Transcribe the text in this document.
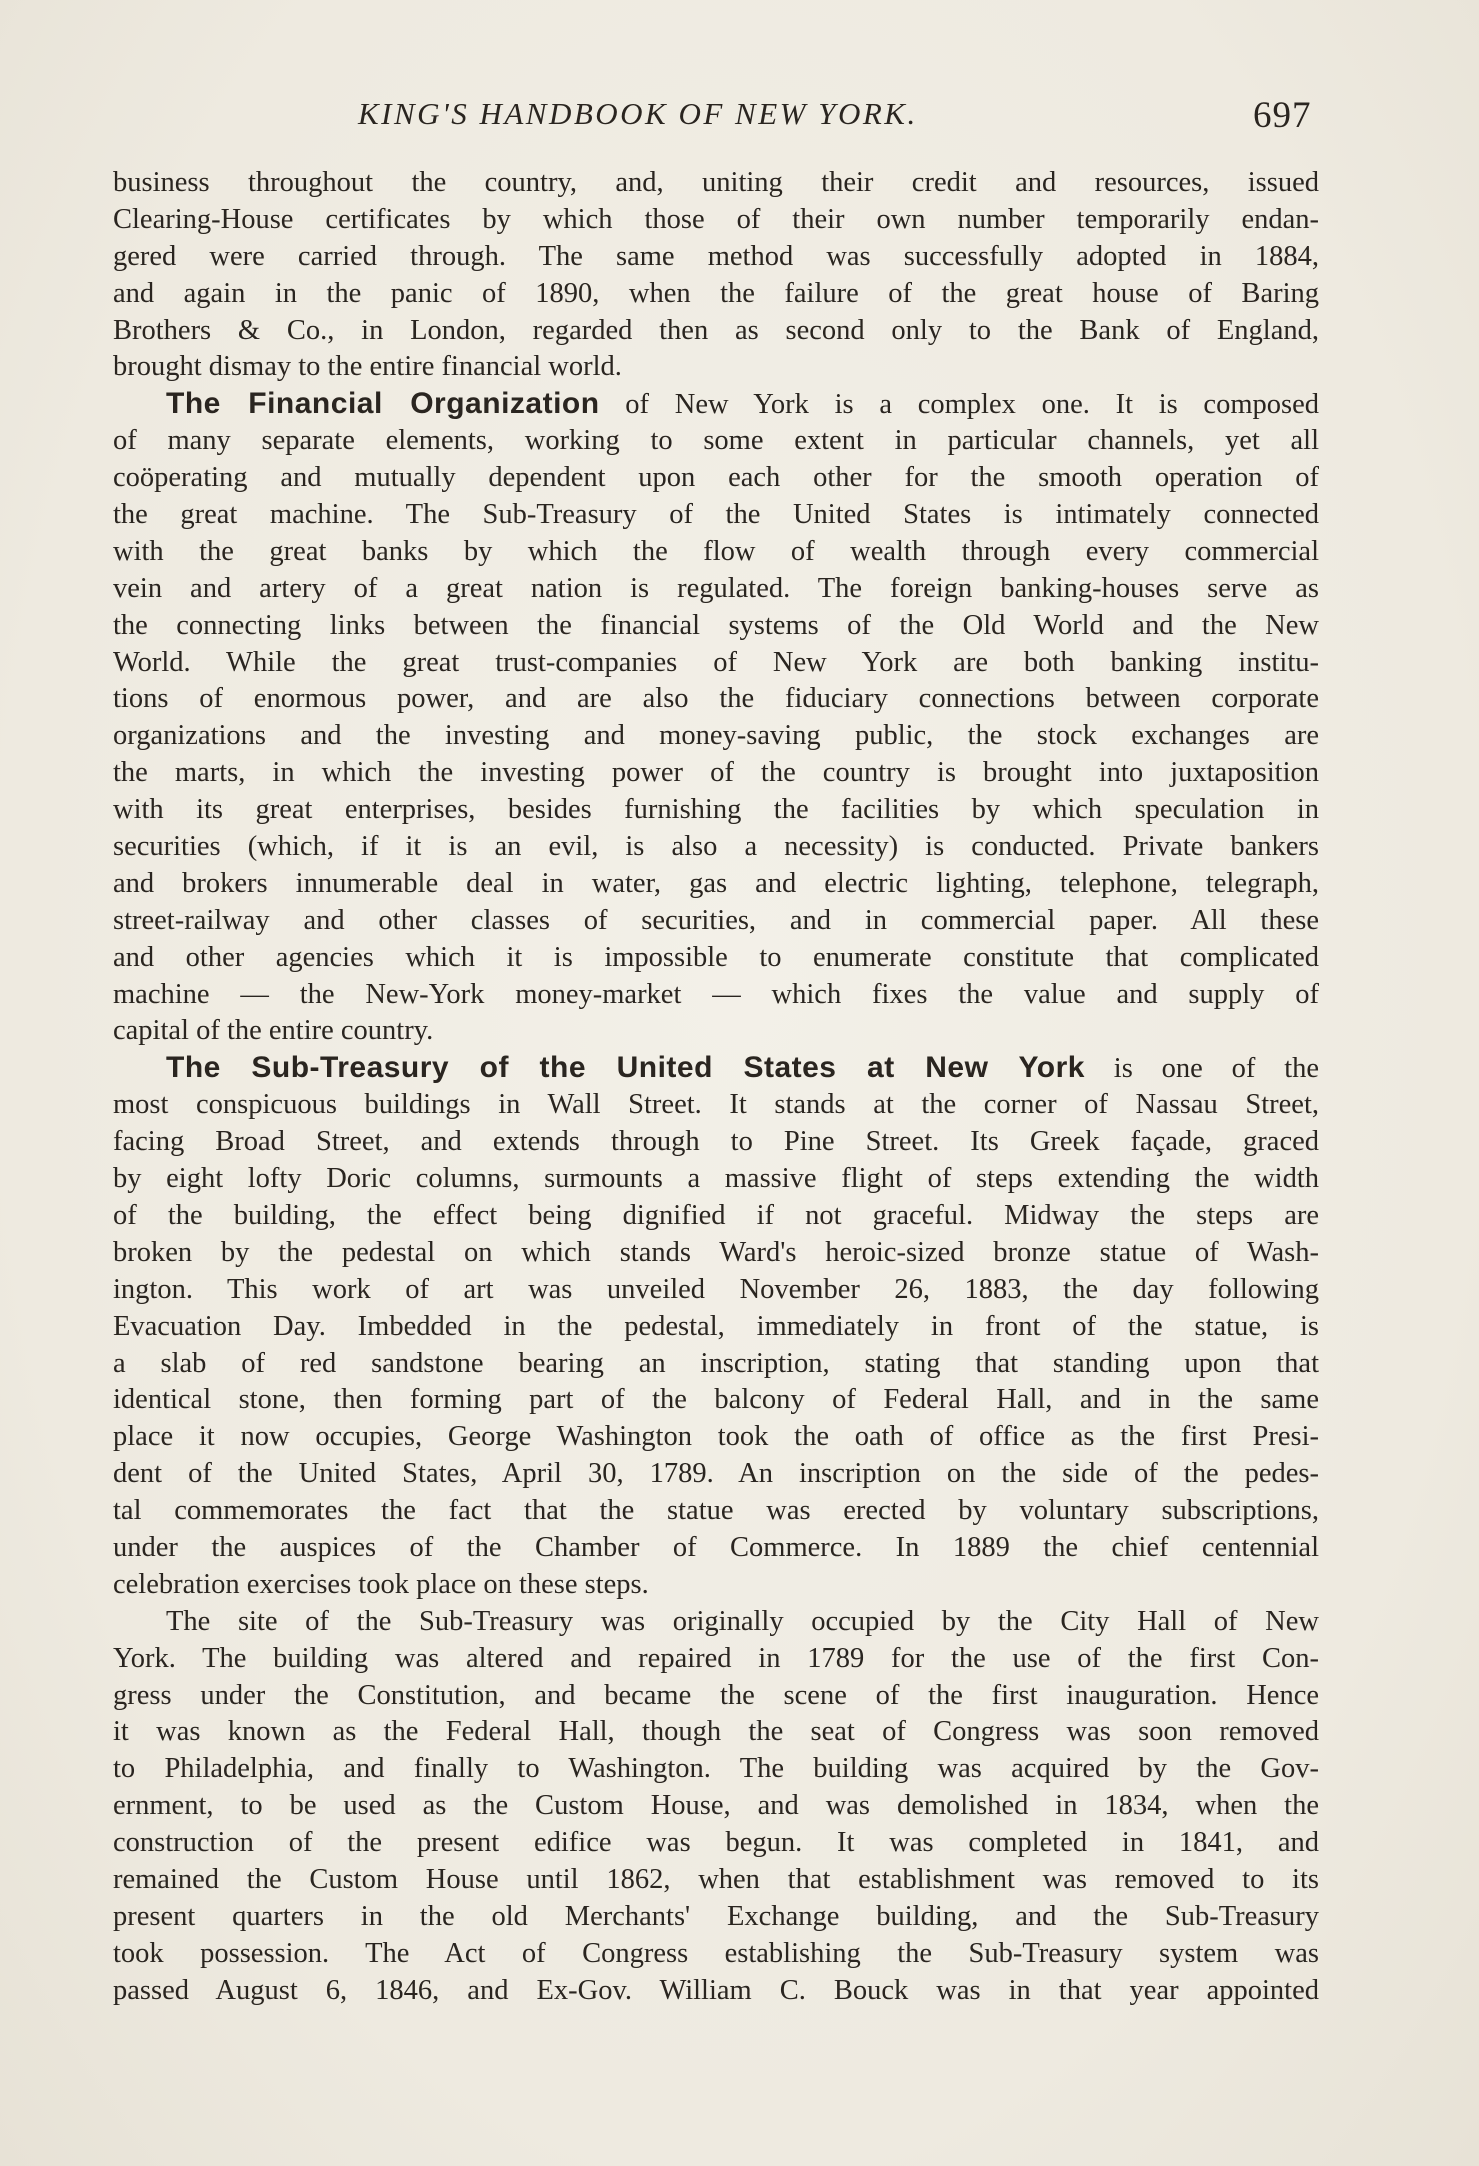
KING'S HANDBOOK OF NEW YORK.	697
business throughout the country, and, uniting their credit and resources, issued
Clearing-House certificates by which those of their own number temporarily endan-
gered were carried through. The same method was successfully adopted in 1884,
and again in the panic of 1890, when the failure of the great house of Baring
Brothers & Co., in London, regarded then as second only to the Bank of England,
brought dismay to the entire financial world.
The Financial Organization of New York is a complex one. It is composed
of many separate elements, working to some extent in particular channels, yet all
coöperating and mutually dependent upon each other for the smooth operation of
the great machine. The Sub-Treasury of the United States is intimately connected
with the great banks by which the flow of wealth through every commercial
vein and artery of a great nation is regulated. The foreign banking-houses serve as
the connecting links between the financial systems of the Old World and the New
World. While the great trust-companies of New York are both banking institu-
tions of enormous power, and are also the fiduciary connections between corporate
organizations and the investing and money-saving public, the stock exchanges are
the marts, in which the investing power of the country is brought into juxtaposition
with its great enterprises, besides furnishing the facilities by which speculation in
securities (which, if it is an evil, is also a necessity) is conducted. Private bankers
and brokers innumerable deal in water, gas and electric lighting, telephone, telegraph,
street-railway and other classes of securities, and in commercial paper. All these
and other agencies which it is impossible to enumerate constitute that complicated
machine — the New-York money-market — which fixes the value and supply of
capital of the entire country.
The Sub-Treasury of the United States at New York is one of the
most conspicuous buildings in Wall Street. It stands at the corner of Nassau Street,
facing Broad Street, and extends through to Pine Street. Its Greek façade, graced
by eight lofty Doric columns, surmounts a massive flight of steps extending the width
of the building, the effect being dignified if not graceful. Midway the steps are
broken by the pedestal on which stands Ward's heroic-sized bronze statue of Wash-
ington. This work of art was unveiled November 26, 1883, the day following
Evacuation Day. Imbedded in the pedestal, immediately in front of the statue, is
a slab of red sandstone bearing an inscription, stating that standing upon that
identical stone, then forming part of the balcony of Federal Hall, and in the same
place it now occupies, George Washington took the oath of office as the first Presi-
dent of the United States, April 30, 1789. An inscription on the side of the pedes-
tal commemorates the fact that the statue was erected by voluntary subscriptions,
under the auspices of the Chamber of Commerce. In 1889 the chief centennial
celebration exercises took place on these steps.
The site of the Sub-Treasury was originally occupied by the City Hall of New
York. The building was altered and repaired in 1789 for the use of the first Con-
gress under the Constitution, and became the scene of the first inauguration. Hence
it was known as the Federal Hall, though the seat of Congress was soon removed
to Philadelphia, and finally to Washington. The building was acquired by the Gov-
ernment, to be used as the Custom House, and was demolished in 1834, when the
construction of the present edifice was begun. It was completed in 1841, and
remained the Custom House until 1862, when that establishment was removed to its
present quarters in the old Merchants' Exchange building, and the Sub-Treasury
took possession. The Act of Congress establishing the Sub-Treasury system was
passed August 6, 1846, and Ex-Gov. William C. Bouck was in that year appointed
